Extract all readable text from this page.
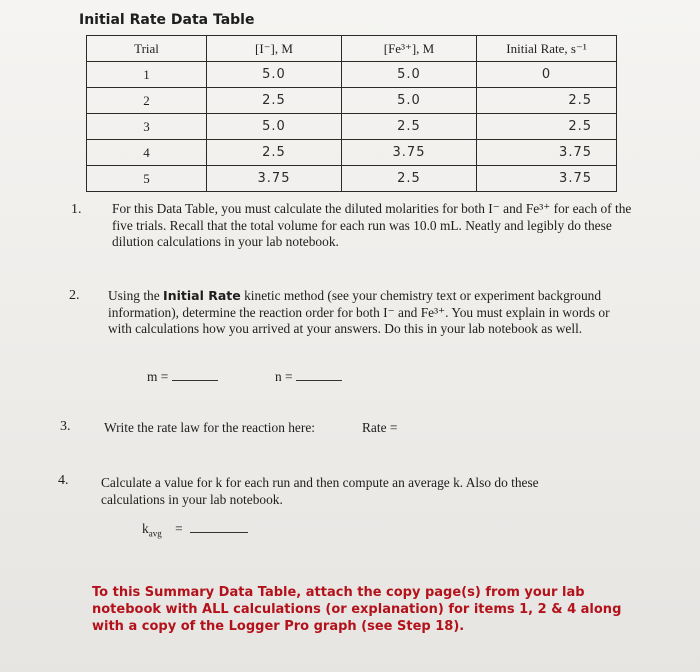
Initial Rate Data Table
Trial	[I⁻], M	[Fe³⁺], M	Initial Rate, s⁻¹
1	5.0	5.0	0
2	2.5	5.0	2.5
3	5.0	2.5	2.5
4	2.5	3.75	3.75
5	3.75	2.5	3.75
1. For this Data Table, you must calculate the diluted molarities for both I⁻ and Fe³⁺ for each of the five trials. Recall that the total volume for each run was 10.0 mL. Neatly and legibly do these dilution calculations in your lab notebook.
2. Using the Initial Rate kinetic method (see your chemistry text or experiment background information), determine the reaction order for both I⁻ and Fe³⁺. You must explain in words or with calculations how you arrived at your answers. Do this in your lab notebook as well.
m =	n =
3.	Write the rate law for the reaction here:	Rate =
4. Calculate a value for k for each run and then compute an average k. Also do these calculations in your lab notebook.
$k_{avg}$ =
To this Summary Data Table, attach the copy page(s) from your lab notebook with ALL calculations (or explanation) for items 1, 2 & 4 along with a copy of the Logger Pro graph (see Step 18).
